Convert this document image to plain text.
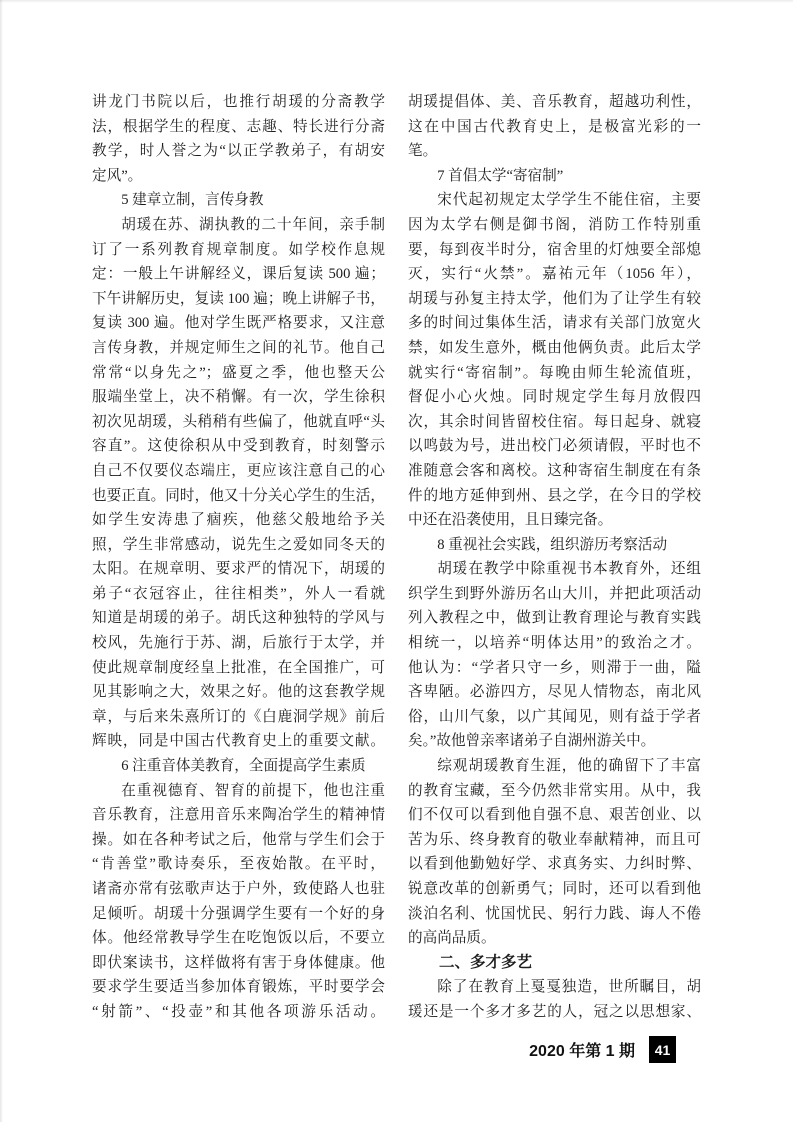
讲龙门书院以后，也推行胡瑗的分斋教学
法，根据学生的程度、志趣、特长进行分斋
教学，时人誉之为“以正学教弟子，有胡安
定风”。
5 建章立制，言传身教
胡瑗在苏、湖执教的二十年间，亲手制
订了一系列教育规章制度。如学校作息规
定：一般上午讲解经义，课后复读 500 遍；
下午讲解历史，复读 100 遍；晚上讲解子书，
复读 300 遍。他对学生既严格要求，又注意
言传身教，并规定师生之间的礼节。他自己
常常“以身先之”；盛夏之季，他也整天公
服端坐堂上，决不稍懈。有一次，学生徐积
初次见胡瑗，头稍稍有些偏了，他就直呼“头
容直”。这使徐积从中受到教育，时刻警示
自己不仅要仪态端庄，更应该注意自己的心
也要正直。同时，他又十分关心学生的生活，
如学生安涛患了痼疾，他慈父般地给予关
照，学生非常感动，说先生之爱如同冬天的
太阳。在规章明、要求严的情况下，胡瑗的
弟子“衣冠容止，往往相类”，外人一看就
知道是胡瑗的弟子。胡氏这种独特的学风与
校风，先施行于苏、湖，后旅行于太学，并
使此规章制度经皇上批准，在全国推广，可
见其影响之大，效果之好。他的这套教学规
章，与后来朱熹所订的《白鹿洞学规》前后
辉映，同是中国古代教育史上的重要文献。
6 注重音体美教育，全面提高学生素质
在重视德育、智育的前提下，他也注重
音乐教育，注意用音乐来陶冶学生的精神情
操。如在各种考试之后，他常与学生们会于
“肯善堂”歌诗奏乐，至夜始散。在平时，
诸斋亦常有弦歌声达于户外，致使路人也驻
足倾听。胡瑗十分强调学生要有一个好的身
体。他经常教导学生在吃饱饭以后，不要立
即伏案读书，这样做将有害于身体健康。他
要求学生要适当参加体育锻炼，平时要学会
“射箭”、“投壶”和其他各项游乐活动。
胡瑗提倡体、美、音乐教育，超越功利性，
这在中国古代教育史上，是极富光彩的一
笔。
7 首倡太学“寄宿制”
宋代起初规定太学学生不能住宿，主要
因为太学右侧是御书阁，消防工作特别重
要，每到夜半时分，宿舍里的灯烛要全部熄
灭，实行“火禁”。嘉祐元年（1056 年），
胡瑗与孙复主持太学，他们为了让学生有较
多的时间过集体生活，请求有关部门放宽火
禁，如发生意外，概由他俩负责。此后太学
就实行“寄宿制”。每晚由师生轮流值班，
督促小心火烛。同时规定学生每月放假四
次，其余时间皆留校住宿。每日起身、就寝
以鸣鼓为号，进出校门必须请假，平时也不
准随意会客和离校。这种寄宿生制度在有条
件的地方延伸到州、县之学，在今日的学校
中还在沿袭使用，且日臻完备。
8 重视社会实践，组织游历考察活动
胡瑗在教学中除重视书本教育外，还组
织学生到野外游历名山大川，并把此项活动
列入教程之中，做到让教育理论与教育实践
相统一，以培养“明体达用”的致治之才。
他认为：“学者只守一乡，则滞于一曲，隘
吝卑陋。必游四方，尽见人情物态，南北风
俗，山川气象，以广其闻见，则有益于学者
矣。”故他曾亲率诸弟子自湖州游关中。
综观胡瑗教育生涯，他的确留下了丰富
的教育宝藏，至今仍然非常实用。从中，我
们不仅可以看到他自强不息、艰苦创业、以
苦为乐、终身教育的敬业奉献精神，而且可
以看到他勤勉好学、求真务实、力纠时弊、
锐意改革的创新勇气；同时，还可以看到他
淡泊名利、忧国忧民、躬行力践、诲人不倦
的高尚品质。
二、多才多艺
除了在教育上戛戛独造，世所瞩目，胡
瑗还是一个多才多艺的人，冠之以思想家、
2020 年第 1 期	41
